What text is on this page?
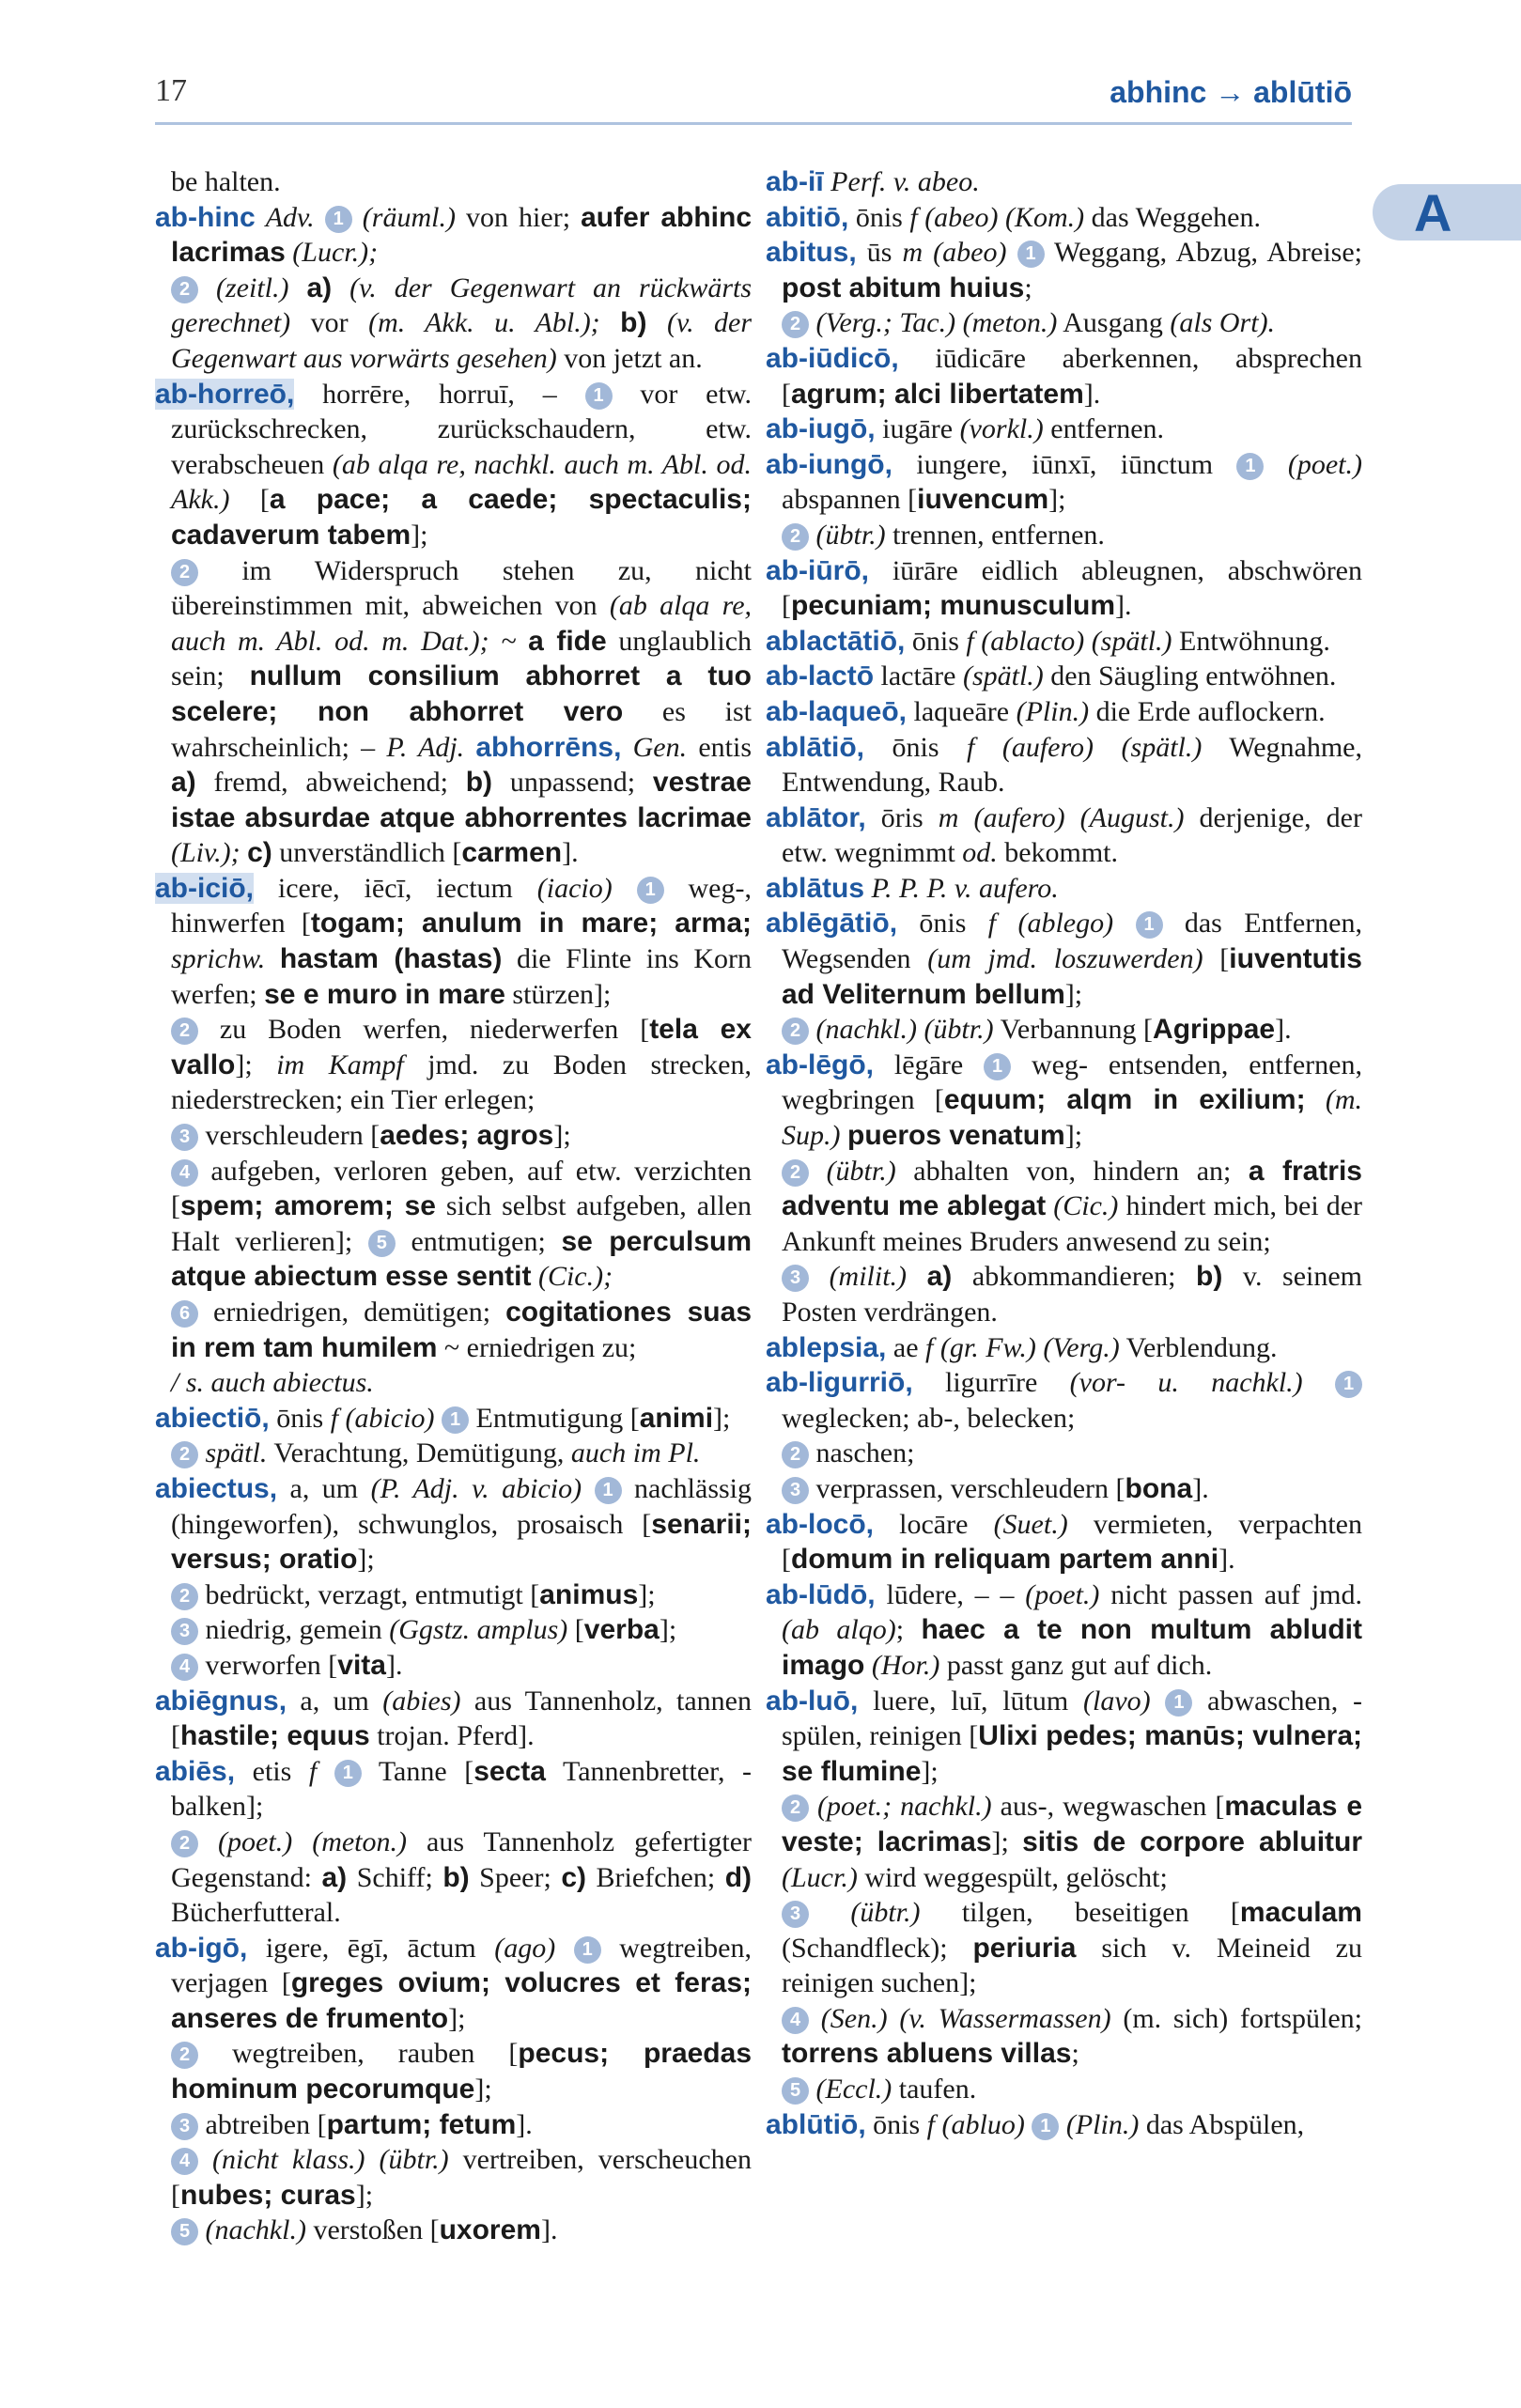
17	abhinc → ablūtiō
A

be halten.

ab-hinc Adv. 1 (räuml.) von hier; aufer abhinc lacrimas (Lucr.);

2 (zeitl.) a) (v. der Gegenwart an rückwärts gerechnet) vor (m. Akk. u. Abl.); b) (v. der Gegenwart aus vorwärts gesehen) von jetzt an.

ab-horreō, horrēre, horruī, – 1 vor etw. zurückschrecken, zurückschaudern, etw. verabscheuen (ab alqa re, nachkl. auch m. Abl. od. Akk.) [a pace; a caede; spectaculis; cadaverum tabem];

2 im Widerspruch stehen zu, nicht übereinstimmen mit, abweichen von (ab alqa re, auch m. Abl. od. m. Dat.); ~ a fide unglaublich sein; nullum consilium abhorret a tuo scelere; non abhorret vero es ist wahrscheinlich; – P. Adj. abhorrēns, Gen. entis a) fremd, abweichend; b) unpassend; vestrae istae absurdae atque abhorrentes lacrimae (Liv.); c) unverständlich [carmen].

ab-iciō, icere, iēcī, iectum (iacio) 1 weg-, hinwerfen [togam; anulum in mare; arma; sprichw. hastam (hastas) die Flinte ins Korn werfen; se e muro in mare stürzen];

2 zu Boden werfen, niederwerfen [tela ex vallo]; im Kampf jmd. zu Boden strecken, niederstrecken; ein Tier erlegen;

3 verschleudern [aedes; agros];

4 aufgeben, verloren geben, auf etw. verzichten [spem; amorem; se sich selbst aufgeben, allen Halt verlieren]; 5 entmutigen; se perculsum atque abiectum esse sentit (Cic.);

6 erniedrigen, demütigen; cogitationes suas in rem tam humilem ~ erniedrigen zu;

/ s. auch abiectus.

abiectiō, ōnis f (abicio) 1 Entmutigung [animi];

2 spätl. Verachtung, Demütigung, auch im Pl.

abiectus, a, um (P. Adj. v. abicio) 1 nachlässig (hingeworfen), schwunglos, prosaisch [senarii; versus; oratio];

2 bedrückt, verzagt, entmutigt [animus];

3 niedrig, gemein (Ggstz. amplus) [verba];

4 verworfen [vita].

abiēgnus, a, um (abies) aus Tannenholz, tannen [hastile; equus trojan. Pferd].

abiēs, etis f 1 Tanne [secta Tannenbretter, -balken];

2 (poet.) (meton.) aus Tannenholz gefertigter Gegenstand: a) Schiff; b) Speer; c) Briefchen; d) Bücherfutteral.

ab-igō, igere, ēgī, āctum (ago) 1 wegtreiben, verjagen [greges ovium; volucres et feras; anseres de frumento];

2 wegtreiben, rauben [pecus; praedas hominum pecorumque];

3 abtreiben [partum; fetum].

4 (nicht klass.) (übtr.) vertreiben, verscheuchen [nubes; curas];

5 (nachkl.) verstoßen [uxorem].

ab-iī Perf. v. abeo.

abitiō, ōnis f (abeo) (Kom.) das Weggehen.

abitus, ūs m (abeo) 1 Weggang, Abzug, Abreise; post abitum huius;

2 (Verg.; Tac.) (meton.) Ausgang (als Ort).

ab-iūdicō, iūdicāre aberkennen, absprechen [agrum; alci libertatem].

ab-iugō, iugāre (vorkl.) entfernen.

ab-iungō, iungere, iūnxī, iūnctum 1 (poet.) abspannen [iuvencum];

2 (übtr.) trennen, entfernen.

ab-iūrō, iūrāre eidlich ableugnen, abschwören [pecuniam; munusculum].

ablactātiō, ōnis f (ablacto) (spätl.) Entwöhnung.

ab-lactō lactāre (spätl.) den Säugling entwöhnen.

ab-laqueō, laqueāre (Plin.) die Erde auflockern.

ablātiō, ōnis f (aufero) (spätl.) Wegnahme, Entwendung, Raub.

ablātor, ōris m (aufero) (August.) derjenige, der etw. wegnimmt od. bekommt.

ablātus P. P. P. v. aufero.

ablēgātiō, ōnis f (ablego) 1 das Entfernen, Wegsenden (um jmd. loszuwerden) [iuventutis ad Veliternum bellum];

2 (nachkl.) (übtr.) Verbannung [Agrippae].

ab-lēgō, lēgāre 1 weg- entsenden, entfernen, wegbringen [equum; alqm in exilium; (m. Sup.) pueros venatum];

2 (übtr.) abhalten von, hindern an; a fratris adventu me ablegat (Cic.) hindert mich, bei der Ankunft meines Bruders anwesend zu sein;

3 (milit.) a) abkommandieren; b) v. seinem Posten verdrängen.

ablepsia, ae f (gr. Fw.) (Verg.) Verblendung.

ab-ligurriō, ligurrīre (vor- u. nachkl.) 1 weglecken; ab-, belecken;

2 naschen;

3 verprassen, verschleudern [bona].

ab-locō, locāre (Suet.) vermieten, verpachten [domum in reliquam partem anni].

ab-lūdō, lūdere, – – (poet.) nicht passen auf jmd. (ab alqo); haec a te non multum abludit imago (Hor.) passt ganz gut auf dich.

ab-luō, luere, luī, lūtum (lavo) 1 abwaschen, -spülen, reinigen [Ulixi pedes; manūs; vulnera; se flumine];

2 (poet.; nachkl.) aus-, wegwaschen [maculas e veste; lacrimas]; sitis de corpore abluitur (Lucr.) wird weggespült, gelöscht;

3 (übtr.) tilgen, beseitigen [maculam (Schandfleck); periuria sich v. Meineid zu reinigen suchen];

4 (Sen.) (v. Wassermassen) (m. sich) fortspülen; torrens abluens villas;

5 (Eccl.) taufen.

ablūtiō, ōnis f (abluo) 1 (Plin.) das Abspülen,
